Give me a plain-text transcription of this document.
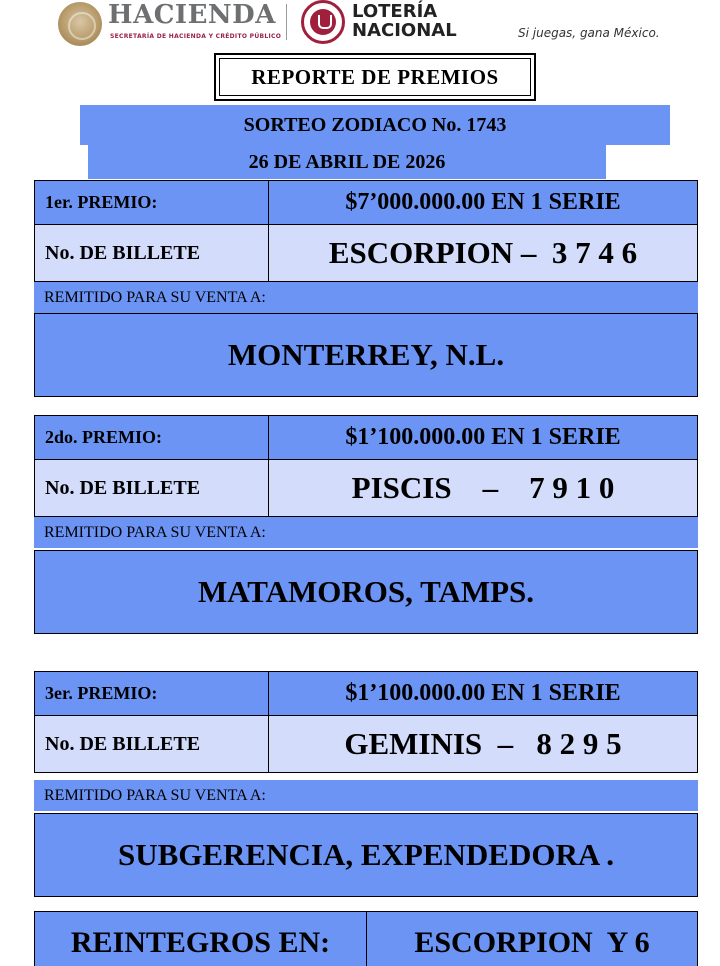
HACIENDA
SECRETARÍA DE HACIENDA Y CRÉDITO PÚBLICO
LOTERÍA
NACIONAL	Si juegas, gana México.
REPORTE DE PREMIOS
SORTEO ZODIACO No. 1743
26 DE ABRIL DE 2026
1er. PREMIO:	$7’000.000.00 EN 1 SERIE
No. DE BILLETE	ESCORPION –  3 7 4 6
REMITIDO PARA SU VENTA A:
MONTERREY, N.L.
2do. PREMIO:	$1’100.000.00 EN 1 SERIE
No. DE BILLETE	PISCIS    –    7 9 1 0
REMITIDO PARA SU VENTA A:
MATAMOROS, TAMPS.
3er. PREMIO:	$1’100.000.00 EN 1 SERIE
No. DE BILLETE	GEMINIS  –   8 2 9 5
REMITIDO PARA SU VENTA A:
SUBGERENCIA, EXPENDEDORA .
REINTEGROS EN:	ESCORPION  Y 6
